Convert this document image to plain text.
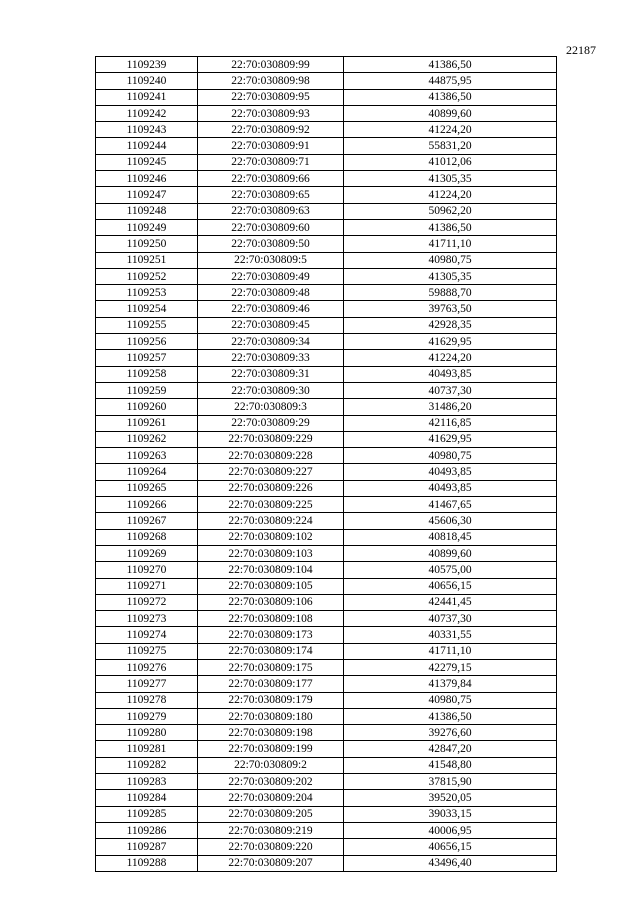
22187
1109239	22:70:030809:99	41386,50
1109240	22:70:030809:98	44875,95
1109241	22:70:030809:95	41386,50
1109242	22:70:030809:93	40899,60
1109243	22:70:030809:92	41224,20
1109244	22:70:030809:91	55831,20
1109245	22:70:030809:71	41012,06
1109246	22:70:030809:66	41305,35
1109247	22:70:030809:65	41224,20
1109248	22:70:030809:63	50962,20
1109249	22:70:030809:60	41386,50
1109250	22:70:030809:50	41711,10
1109251	22:70:030809:5	40980,75
1109252	22:70:030809:49	41305,35
1109253	22:70:030809:48	59888,70
1109254	22:70:030809:46	39763,50
1109255	22:70:030809:45	42928,35
1109256	22:70:030809:34	41629,95
1109257	22:70:030809:33	41224,20
1109258	22:70:030809:31	40493,85
1109259	22:70:030809:30	40737,30
1109260	22:70:030809:3	31486,20
1109261	22:70:030809:29	42116,85
1109262	22:70:030809:229	41629,95
1109263	22:70:030809:228	40980,75
1109264	22:70:030809:227	40493,85
1109265	22:70:030809:226	40493,85
1109266	22:70:030809:225	41467,65
1109267	22:70:030809:224	45606,30
1109268	22:70:030809:102	40818,45
1109269	22:70:030809:103	40899,60
1109270	22:70:030809:104	40575,00
1109271	22:70:030809:105	40656,15
1109272	22:70:030809:106	42441,45
1109273	22:70:030809:108	40737,30
1109274	22:70:030809:173	40331,55
1109275	22:70:030809:174	41711,10
1109276	22:70:030809:175	42279,15
1109277	22:70:030809:177	41379,84
1109278	22:70:030809:179	40980,75
1109279	22:70:030809:180	41386,50
1109280	22:70:030809:198	39276,60
1109281	22:70:030809:199	42847,20
1109282	22:70:030809:2	41548,80
1109283	22:70:030809:202	37815,90
1109284	22:70:030809:204	39520,05
1109285	22:70:030809:205	39033,15
1109286	22:70:030809:219	40006,95
1109287	22:70:030809:220	40656,15
1109288	22:70:030809:207	43496,40
